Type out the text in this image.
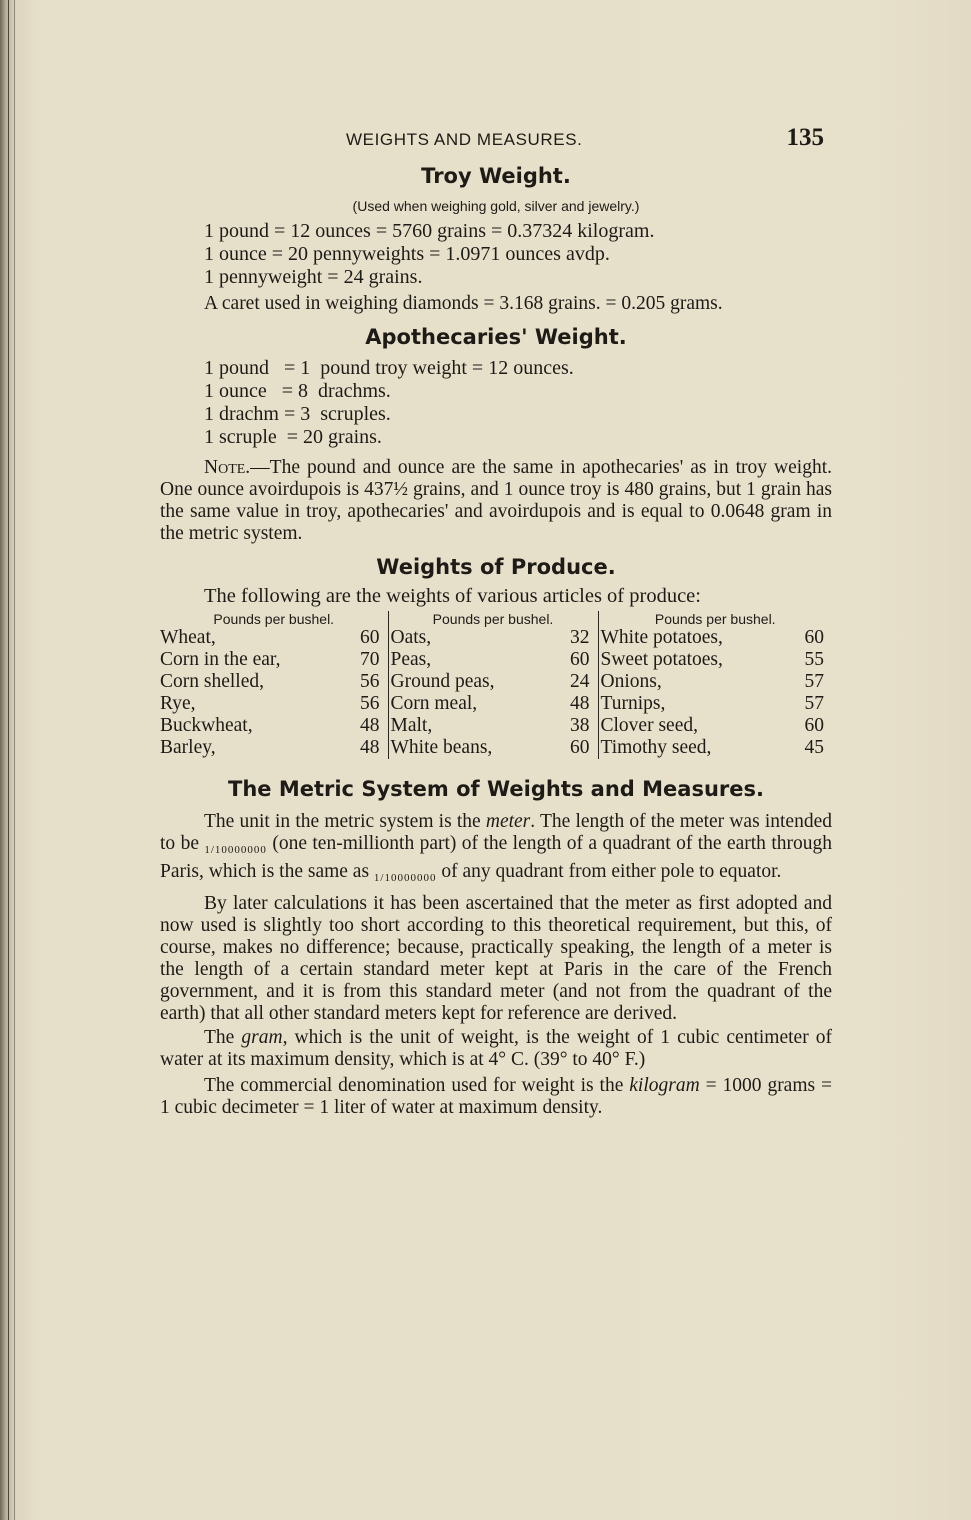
WEIGHTS AND MEASURES.	135
Troy Weight.
(Used when weighing gold, silver and jewelry.)
1 pound = 12 ounces = 5760 grains = 0.37324 kilogram.
1 ounce = 20 pennyweights = 1.0971 ounces avdp.
1 pennyweight = 24 grains.

A caret used in weighing diamonds = 3.168 grains. = 0.205 grams.

Apothecaries' Weight.
1 pound   = 1  pound troy weight = 12 ounces.
1 ounce   = 8  drachms.
1 drachm = 3  scruples.
1 scruple  = 20 grains.

Note.—The pound and ounce are the same in apothecaries' as in troy weight. One ounce avoirdupois is 437½ grains, and 1 ounce troy is 480 grains, but 1 grain has the same value in troy, apothecaries' and avoirdupois and is equal to 0.0648 gram in the metric system.

Weights of Produce.

The following are the weights of various articles of produce:

Pounds per bushel.		Pounds per bushel.		Pounds per bushel.	
Wheat,	60	Oats,	32	White potatoes,	60
Corn in the ear,	70	Peas,	60	Sweet potatoes,	55
Corn shelled,	56	Ground peas,	24	Onions,	57
Rye,	56	Corn meal,	48	Turnips,	57
Buckwheat,	48	Malt,	38	Clover seed,	60
Barley,	48	White beans,	60	Timothy seed,	45
The Metric System of Weights and Measures.

The unit in the metric system is the meter. The length of the meter was intended to be $_{1/10000000}$ (one ten-millionth part) of the length of a quadrant of the earth through Paris, which is the same as $_{1/10000000}$ of any quadrant from either pole to equator.

By later calculations it has been ascertained that the meter as first adopted and now used is slightly too short according to this theoretical requirement, but this, of course, makes no difference; because, practically speaking, the length of a meter is the length of a certain standard meter kept at Paris in the care of the French government, and it is from this standard meter (and not from the quadrant of the earth) that all other standard meters kept for reference are derived.

The gram, which is the unit of weight, is the weight of 1 cubic centimeter of water at its maximum density, which is at 4° C. (39° to 40° F.)

The commercial denomination used for weight is the kilogram = 1000 grams = 1 cubic decimeter = 1 liter of water at maximum density.
